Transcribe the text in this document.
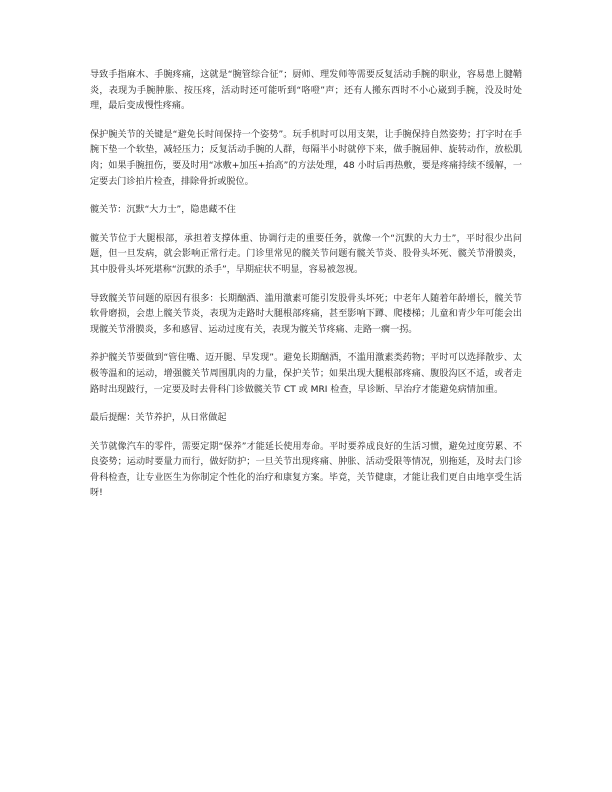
导致手指麻木、手腕疼痛，这就是“腕管综合征”；厨师、理发师等需要反复活动手腕的职业，容易患上腱鞘炎，表现为手腕肿胀、按压疼，活动时还可能听到“咯噔”声；还有人搬东西时不小心崴到手腕，没及时处理，最后变成慢性疼痛。

保护腕关节的关键是“避免长时间保持一个姿势”。玩手机时可以用支架，让手腕保持自然姿势；打字时在手腕下垫一个软垫，减轻压力；反复活动手腕的人群，每隔半小时就停下来，做手腕屈伸、旋转动作，放松肌肉；如果手腕扭伤，要及时用“冰敷+加压+抬高”的方法处理，48 小时后再热敷，要是疼痛持续不缓解，一定要去门诊拍片检查，排除骨折或脱位。

髋关节：沉默“大力士”，隐患藏不住

髋关节位于大腿根部，承担着支撑体重、协调行走的重要任务，就像一个“沉默的大力士”，平时很少出问题，但一旦发病，就会影响正常行走。门诊里常见的髋关节问题有髋关节炎、股骨头坏死、髋关节滑膜炎，其中股骨头坏死堪称“沉默的杀手”，早期症状不明显，容易被忽视。

导致髋关节问题的原因有很多：长期酗酒、滥用激素可能引发股骨头坏死；中老年人随着年龄增长，髋关节软骨磨损，会患上髋关节炎，表现为走路时大腿根部疼痛，甚至影响下蹲、爬楼梯；儿童和青少年可能会出现髋关节滑膜炎，多和感冒、运动过度有关，表现为髋关节疼痛、走路一瘸一拐。

养护髋关节要做到“管住嘴、迈开腿、早发现”。避免长期酗酒，不滥用激素类药物；平时可以选择散步、太极等温和的运动，增强髋关节周围肌肉的力量，保护关节；如果出现大腿根部疼痛、腹股沟区不适，或者走路时出现跛行，一定要及时去骨科门诊做髋关节 CT 或 MRI 检查，早诊断、早治疗才能避免病情加重。

最后提醒：关节养护，从日常做起

关节就像汽车的零件，需要定期“保养”才能延长使用寿命。平时要养成良好的生活习惯，避免过度劳累、不良姿势；运动时要量力而行，做好防护；一旦关节出现疼痛、肿胀、活动受限等情况，别拖延，及时去门诊骨科检查，让专业医生为你制定个性化的治疗和康复方案。毕竟，关节健康，才能让我们更自由地享受生活呀!
